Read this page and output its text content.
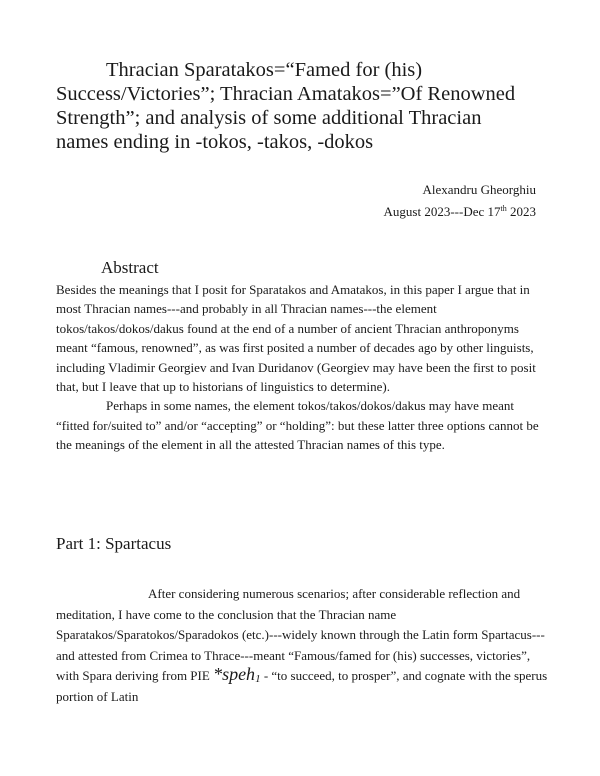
Thracian Sparatakos=“Famed for (his)
Success/Victories”; Thracian Amatakos=”Of Renowned
Strength”; and analysis of some additional Thracian
names ending in -tokos, -takos, -dokos
Alexandru Gheorghiu
August 2023---Dec 17th 2023
Abstract

Besides the meanings that I posit for Sparatakos and Amatakos, in this paper I argue that in most Thracian names---and probably in all Thracian names---the element tokos/takos/dokos/dakus found at the end of a number of ancient Thracian anthroponyms meant “famous, renowned”, as was first posited a number of decades ago by other linguists, including Vladimir Georgiev and Ivan Duridanov (Georgiev may have been the first to posit that, but I leave that up to historians of linguistics to determine).

Perhaps in some names, the element tokos/takos/dokos/dakus may have meant “fitted for/suited to” and/or “accepting” or “holding”: but these latter three options cannot be the meanings of the element in all the attested Thracian names of this type.

Part 1: Spartacus

After considering numerous scenarios; after considerable reflection and meditation, I have come to the conclusion that the Thracian name Sparatakos/Sparatokos/Sparadokos (etc.)---widely known through the Latin form Spartacus---and attested from Crimea to Thrace---meant “Famous/famed for (his) successes, victories”, with Spara deriving from PIE *speh$_1$ - “to succeed, to prosper”, and cognate with the sperus portion of Latin
